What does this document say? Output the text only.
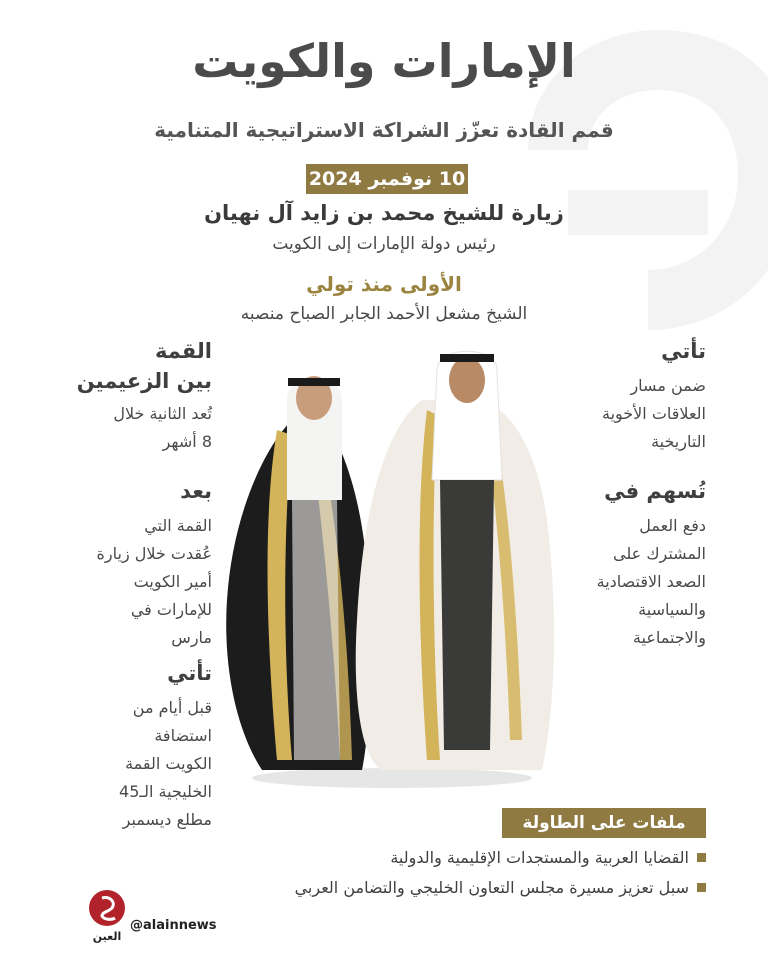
الإمارات والكويت
قمم القادة تعزّز الشراكة الاستراتيجية المتنامية
10 نوفمبر 2024
زيارة للشيخ محمد بن زايد آل نهيان
رئيس دولة الإمارات إلى الكويت
الأولى منذ تولي
الشيخ مشعل الأحمد الجابر الصباح منصبه
تأتي
ضمن مسار
العلاقات الأخوية
التاريخية
تُسهم في
دفع العمل
المشترك على
الصعد الاقتصادية
والسياسية
والاجتماعية
القمة
بين الزعيمين
تُعد الثانية خلال
8 أشهر
بعد
القمة التي
عُقدت خلال زيارة
أمير الكويت
للإمارات في
مارس
تأتي
قبل أيام من
استضافة
الكويت القمة
الخليجية الـ45
مطلع ديسمبر	ملفات على الطاولة
القضايا العربية والمستجدات الإقليمية والدولية
سبل تعزيز مسيرة مجلس التعاون الخليجي والتضامن العربي
العين
@alainnews
